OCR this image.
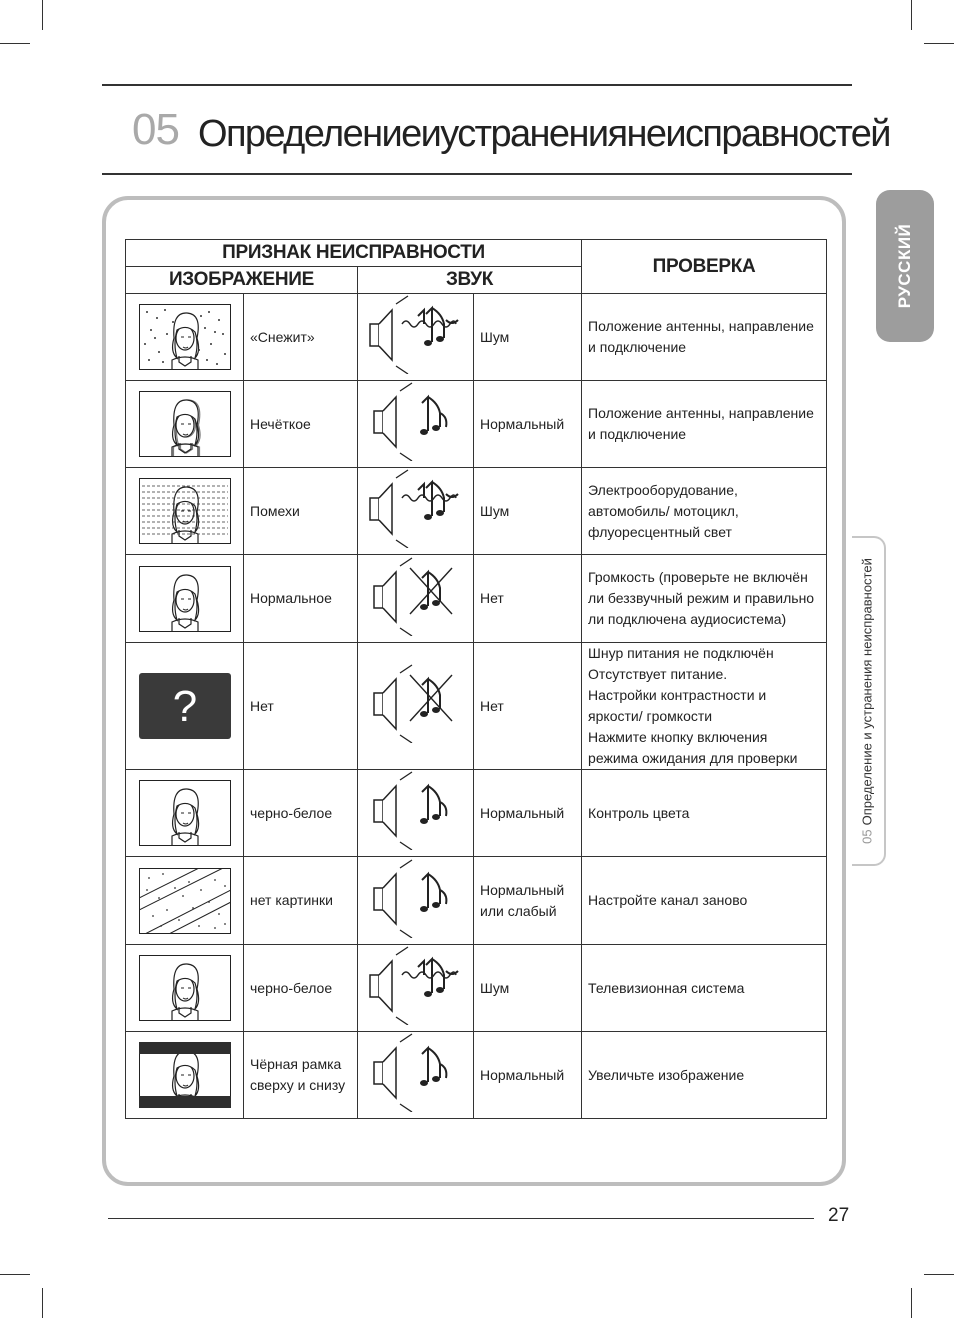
05 Определениеиустранениянеисправностей
РУССКИЙ
05Определение и устранения неисправностей
ПРИЗНАК НЕИСПРАВНОСТИ				ПРОВЕРКА
ИЗОБРАЖЕНИЕ		ЗВУК		

	«Снежит»		Шум	Положение антенны, направление и подключение

	Нечёткое		Нормальный	Положение антенны, направление и подключение

	Помехи		Шум	Электрооборудование, автомобиль/ мотоцикл, флуоресцентный свет

	Нормальное		Нет	Громкость (проверьте не включён ли беззвучный режим и правильно ли подключена аудиосистема)

?	Нет		Нет	Шнур питания не подключён
Отсутствует питание.
Настройки контрастности и яркости/ громкости
Нажмите кнопку включения режима ожидания для проверки

	черно-белое		Нормальный	Контроль цвета

	нет картинки		Нормальный или слабый	Настройте канал заново

	черно-белое		Шум	Телевизионная система

	Чёрная рамка сверху и снизу		Нормальный	Увеличьте изображение
27
